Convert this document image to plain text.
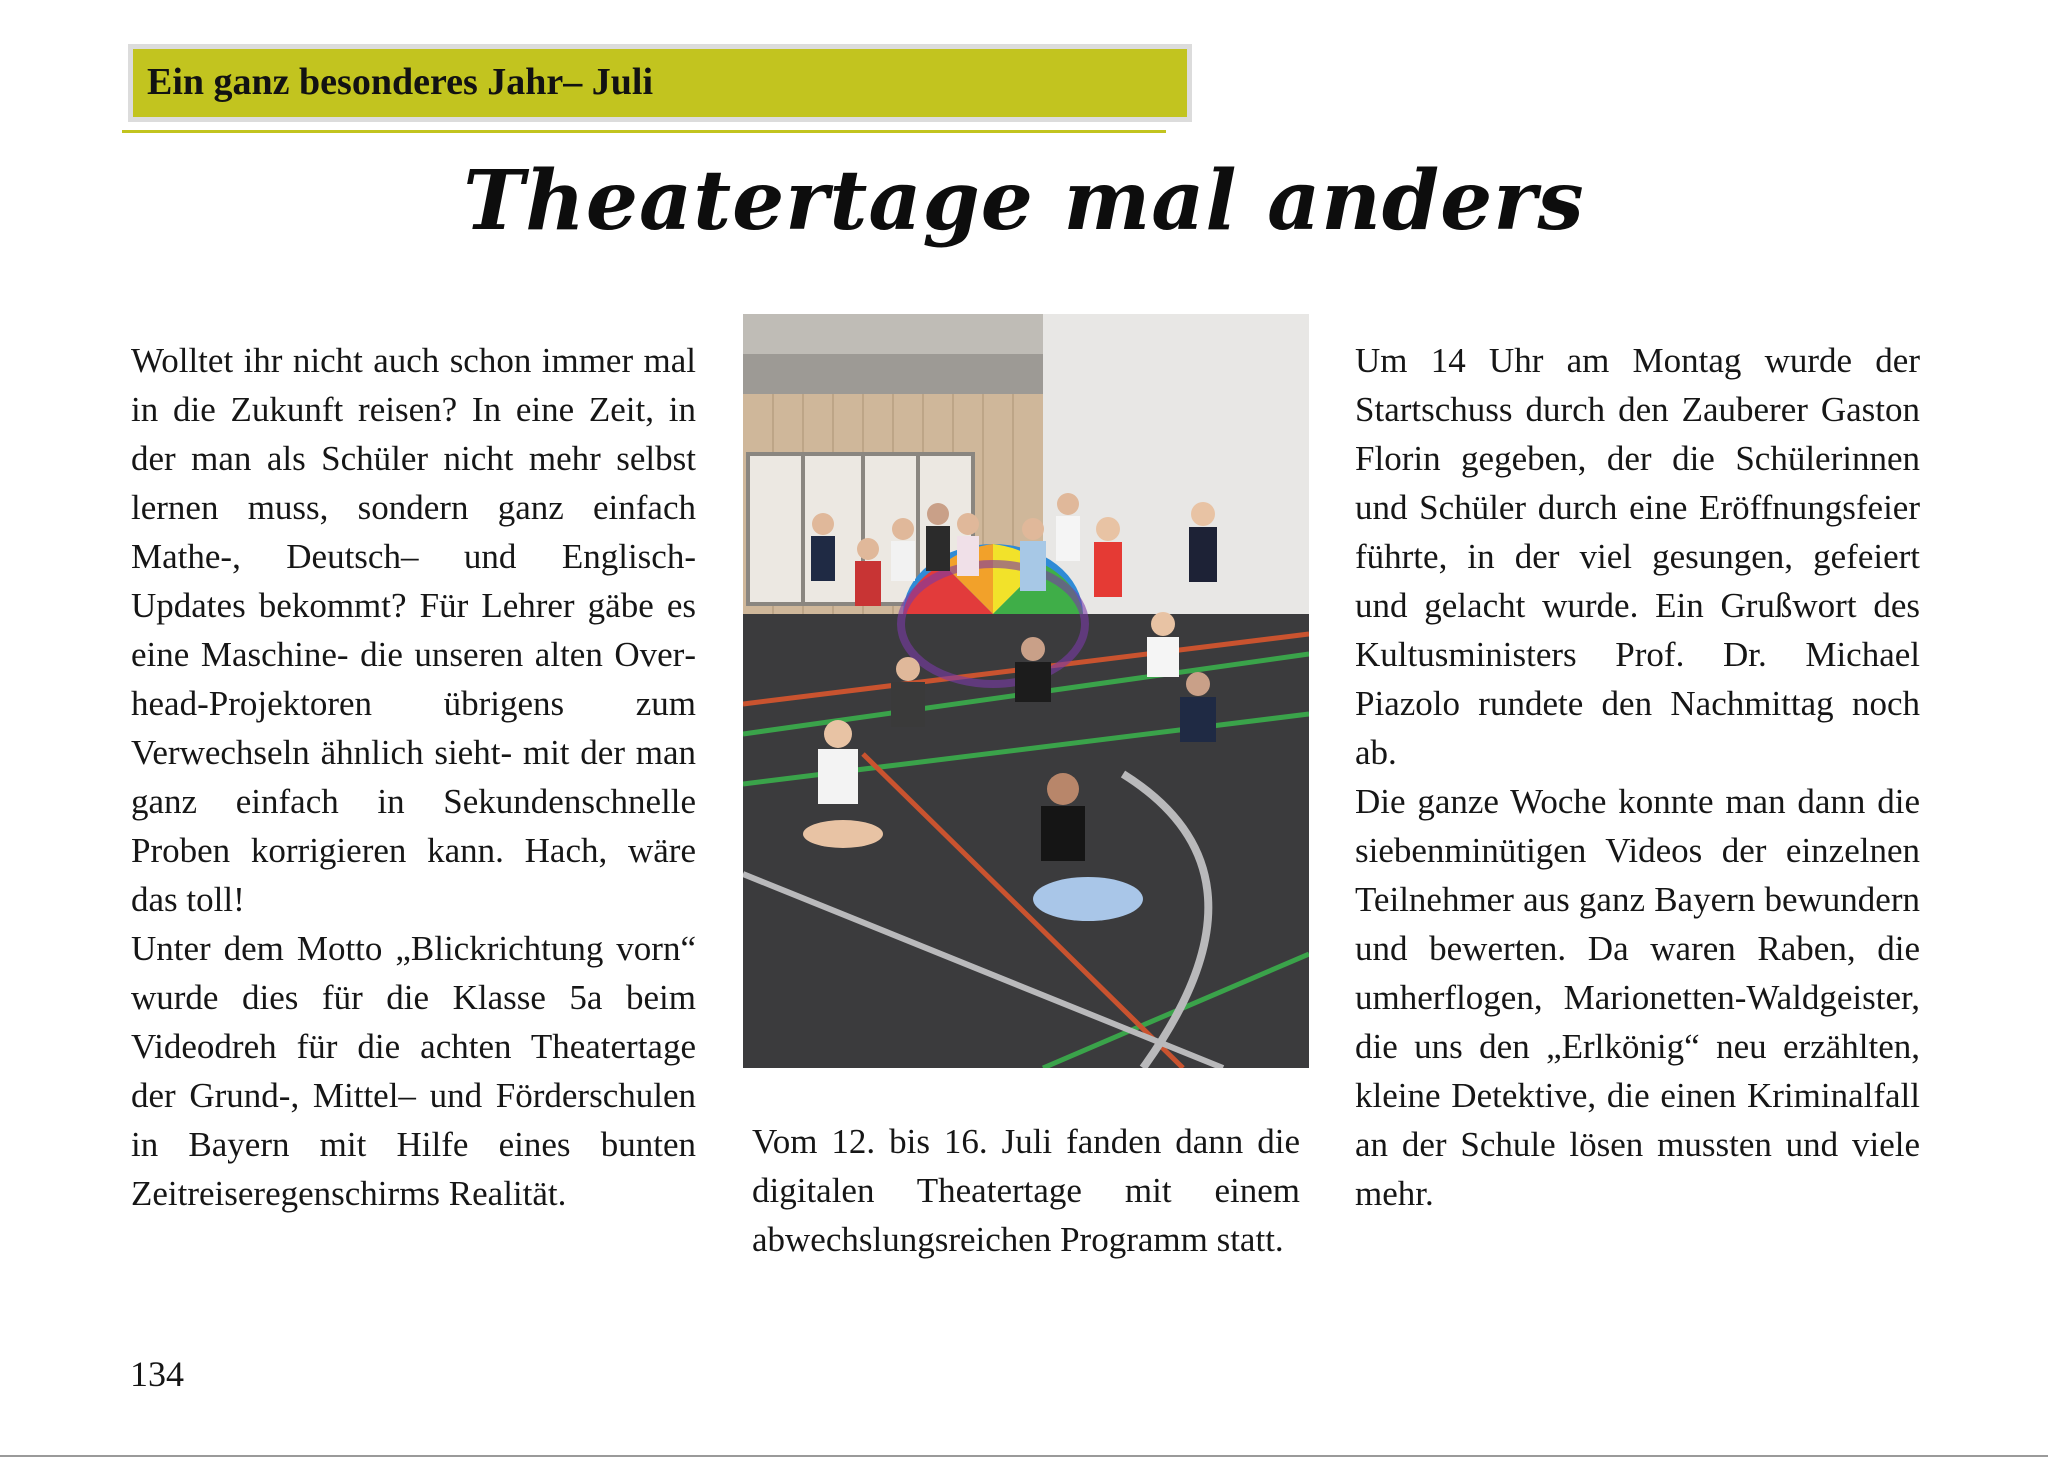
Ein ganz besonderes Jahr– Juli
Theatertage mal anders

Wolltet ihr nicht auch schon immer mal in die Zukunft reisen? In eine Zeit, in der man als Schüler nicht mehr selbst lernen muss, sondern ganz einfach Mathe-, Deutsch– und Englisch-Updates bekommt? Für Lehrer gäbe es eine Maschine- die unseren alten Overhead-Projektoren übrigens zum Verwechseln ähnlich sieht- mit der man ganz einfach in Sekundenschnelle Proben korrigieren kann. Hach, wäre das toll!

Unter dem Motto „Blickrichtung vorn“ wurde dies für die Klasse 5a beim Videodreh für die achten Theatertage der Grund-, Mittel– und Förderschulen in Bayern mit Hilfe eines bunten Zeitreiseregenschirms Realität.

Vom 12. bis 16. Juli fanden dann die digitalen Theatertage mit einem abwechslungsreichen Programm statt.

Um 14 Uhr am Montag wurde der Startschuss durch den Zauberer Gaston Florin gegeben, der die Schülerinnen und Schüler durch eine Eröffnungsfeier führte, in der viel gesungen, gefeiert und gelacht wurde. Ein Grußwort des Kultusministers Prof. Dr. Michael Piazolo rundete den Nachmittag noch ab.

Die ganze Woche konnte man dann die siebenminütigen Videos der einzelnen Teilnehmer aus ganz Bayern bewundern und bewerten. Da waren Raben, die umherflogen, Marionetten-Waldgeister, die uns den „Erlkönig“ neu erzählten, kleine Detektive, die einen Kriminalfall an der Schule lösen mussten und viele mehr.

134
